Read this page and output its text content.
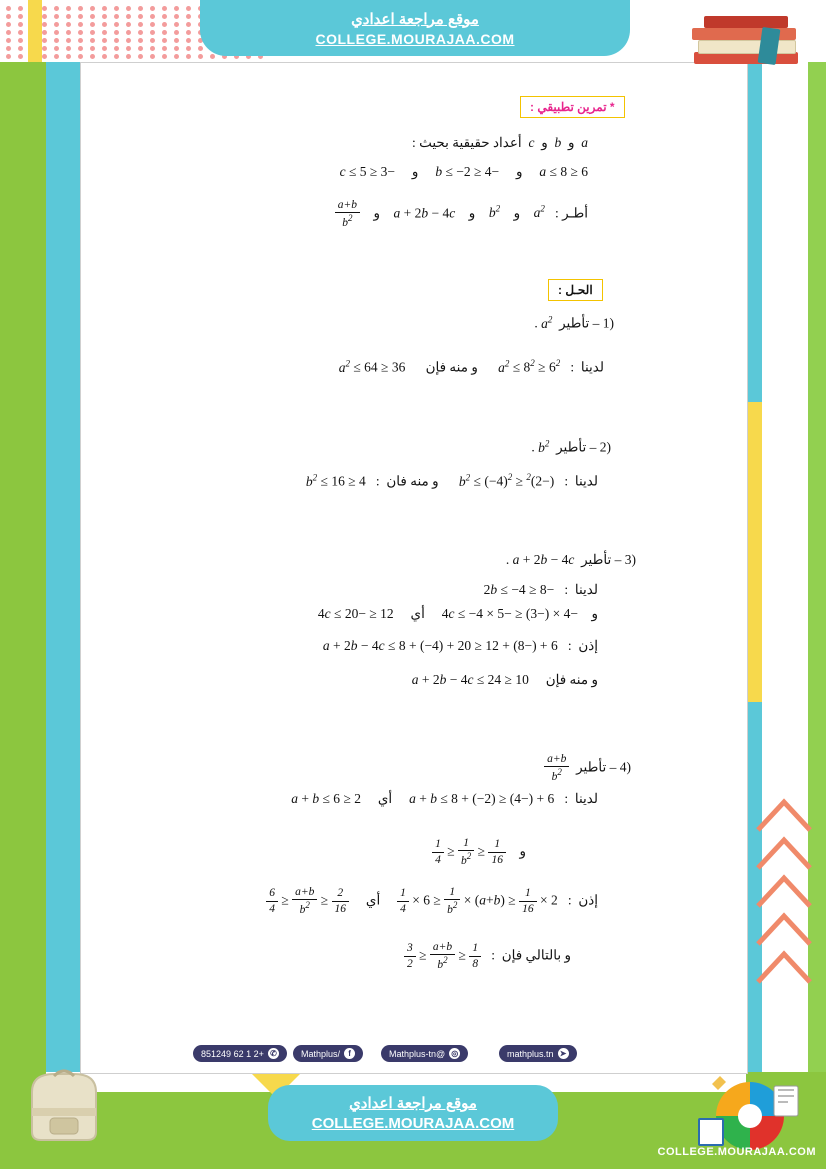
موقع مراجعة اعدادي
COLLEGE.MOURAJAA.COM
* تمرين تطبيقي :
a  و  b  و  c  أعداد حقيقية بحيث :
6 ≤ a ≤ 8     و     −4 ≤ b ≤ −2     و     −3 ≤ c ≤ 5
أطـر :   $a^2$    و    $b^2$    و    a + 2b − 4c    و
$\frac{a+b}{b^2}$
الحـل :
(1 – تأطير  $a^2$ .
لدينا  :   $6^2 \le a^2 \le 8^2$      و منه فإن      $36 \le a^2 \le 64$
(2 – تأطير  $b^2$ .
لدينا  :   $(-2)^2 \le b^2 \le (-4)^2$      و منه فان  :   $4 \le b^2 \le 16$
(3 – تأطير  a + 2b − 4c .
لدينا  :   −8 ≤ 2b ≤ −4
و    −4 × (−3) ≤ −4c ≤ −4 × 5     أي     12 ≤ −4c ≤ 20
إذن  :   6 + (−8) + 12 ≤ a + 2b − 4c ≤ 8 + (−4) + 20
و منه فإن     10 ≤ a + 2b − 4c ≤ 24
(4 – تأطير
$\frac{a+b}{b^2}$
لدينا  :   6 + (−4) ≤ a + b ≤ 8 + (−2)     أي     2 ≤ a + b ≤ 6
و
$\frac{1}{16}$
≤
$\frac{1}{b^2}$
≤
$\frac{1}{4}$
إذن  :   2 ×
$\frac{1}{16}$
≤ (a+b) ×
$\frac{1}{b^2}$
≤ 6 ×
$\frac{1}{4}$
أي
$\frac{2}{16}$
≤
$\frac{a+b}{b^2}$
≤
$\frac{6}{4}$
و بالتالي فإن  :
$\frac{1}{8}$
≤
$\frac{a+b}{b^2}$
≤
$\frac{3}{2}$
✆
+2 1 62 851249	f
/Mathplus	◎
@Mathplus-tn	➤
mathplus.tn
موقع مراجعة اعدادي
COLLEGE.MOURAJAA.COM
COLLEGE.MOURAJAA.COM
